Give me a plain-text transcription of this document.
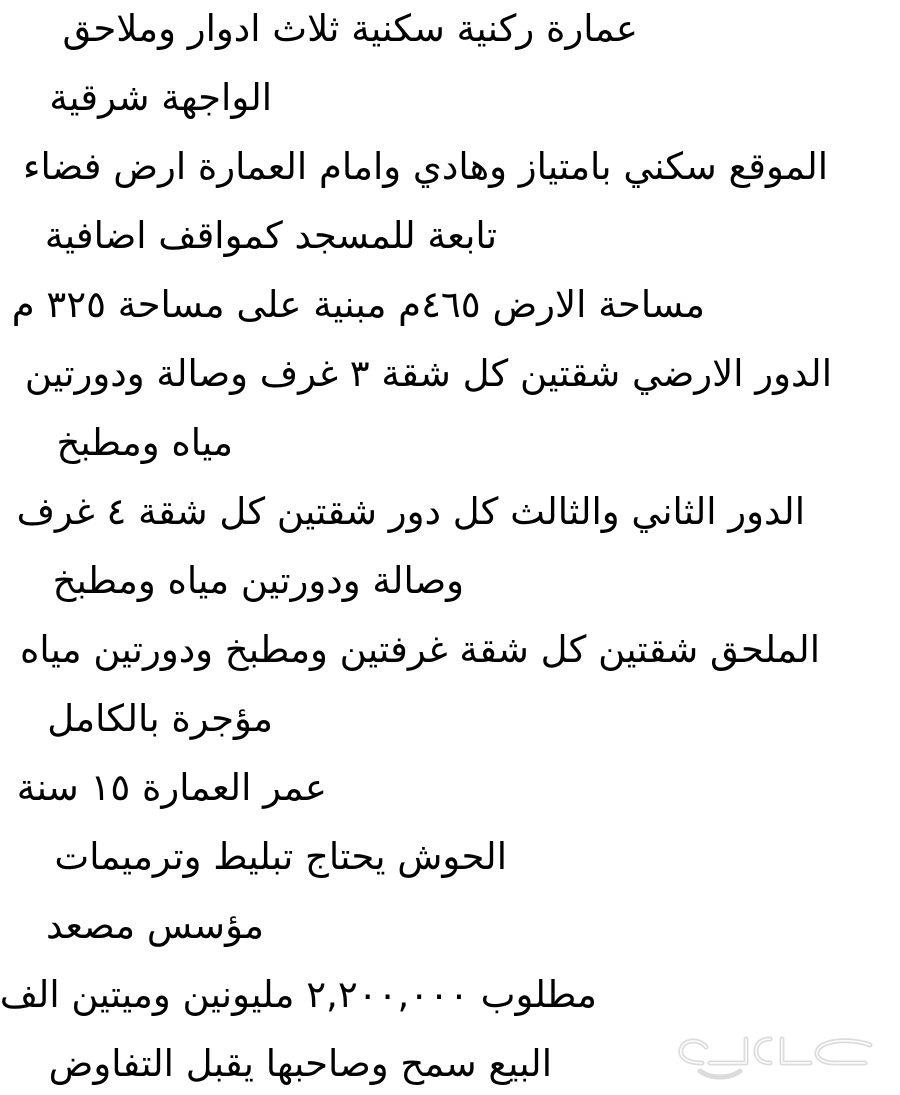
عمارة ركنية سكنية ثلاث ادوار وملاحق
الواجهة شرقية
الموقع سكني بامتياز وهادي وامام العمارة ارض فضاء
تابعة للمسجد كمواقف اضافية
مساحة الارض ٤٦٥م مبنية على مساحة ٣٢٥ م
الدور الارضي شقتين كل شقة ٣ غرف وصالة ودورتين
مياه ومطبخ
الدور الثاني والثالث كل دور شقتين كل شقة ٤ غرف
وصالة ودورتين مياه ومطبخ
الملحق شقتين كل شقة غرفتين ومطبخ ودورتين مياه
مؤجرة بالكامل
عمر العمارة ١٥ سنة
الحوش يحتاج تبليط وترميمات
مؤسس مصعد
مطلوب ٢,٢٠٠,٠٠٠ مليونين وميتين الف
البيع سمح وصاحبها يقبل التفاوض
